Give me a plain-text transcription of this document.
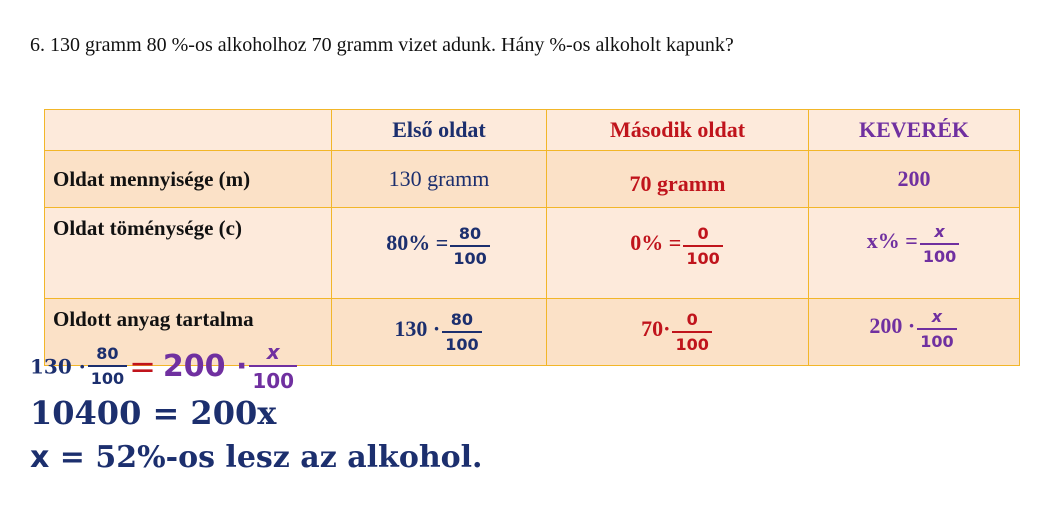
6. 130 gramm 80 %-os alkoholhoz 70 gramm vizet adunk. Hány %-os alkoholt kapunk?
	Első oldat	Második oldat	KEVERÉK
Oldat mennyisége (m)	130 gramm	70 gramm	200
Oldat töménysége (c)	$80\% = \frac{80}{100}$	$0\% = \frac{0}{100}$	$x\% = \frac{x}{100}$

Oldott anyag tartalma	$130 \cdot \frac{80}{100}$	$70\cdot \frac{0}{100}$	$200 \cdot \frac{x}{100}$
$130 \cdot \frac{80}{100} = 200 \cdot \frac{x}{100}$
10400 = 200x
x = 52%-os lesz az alkohol.
